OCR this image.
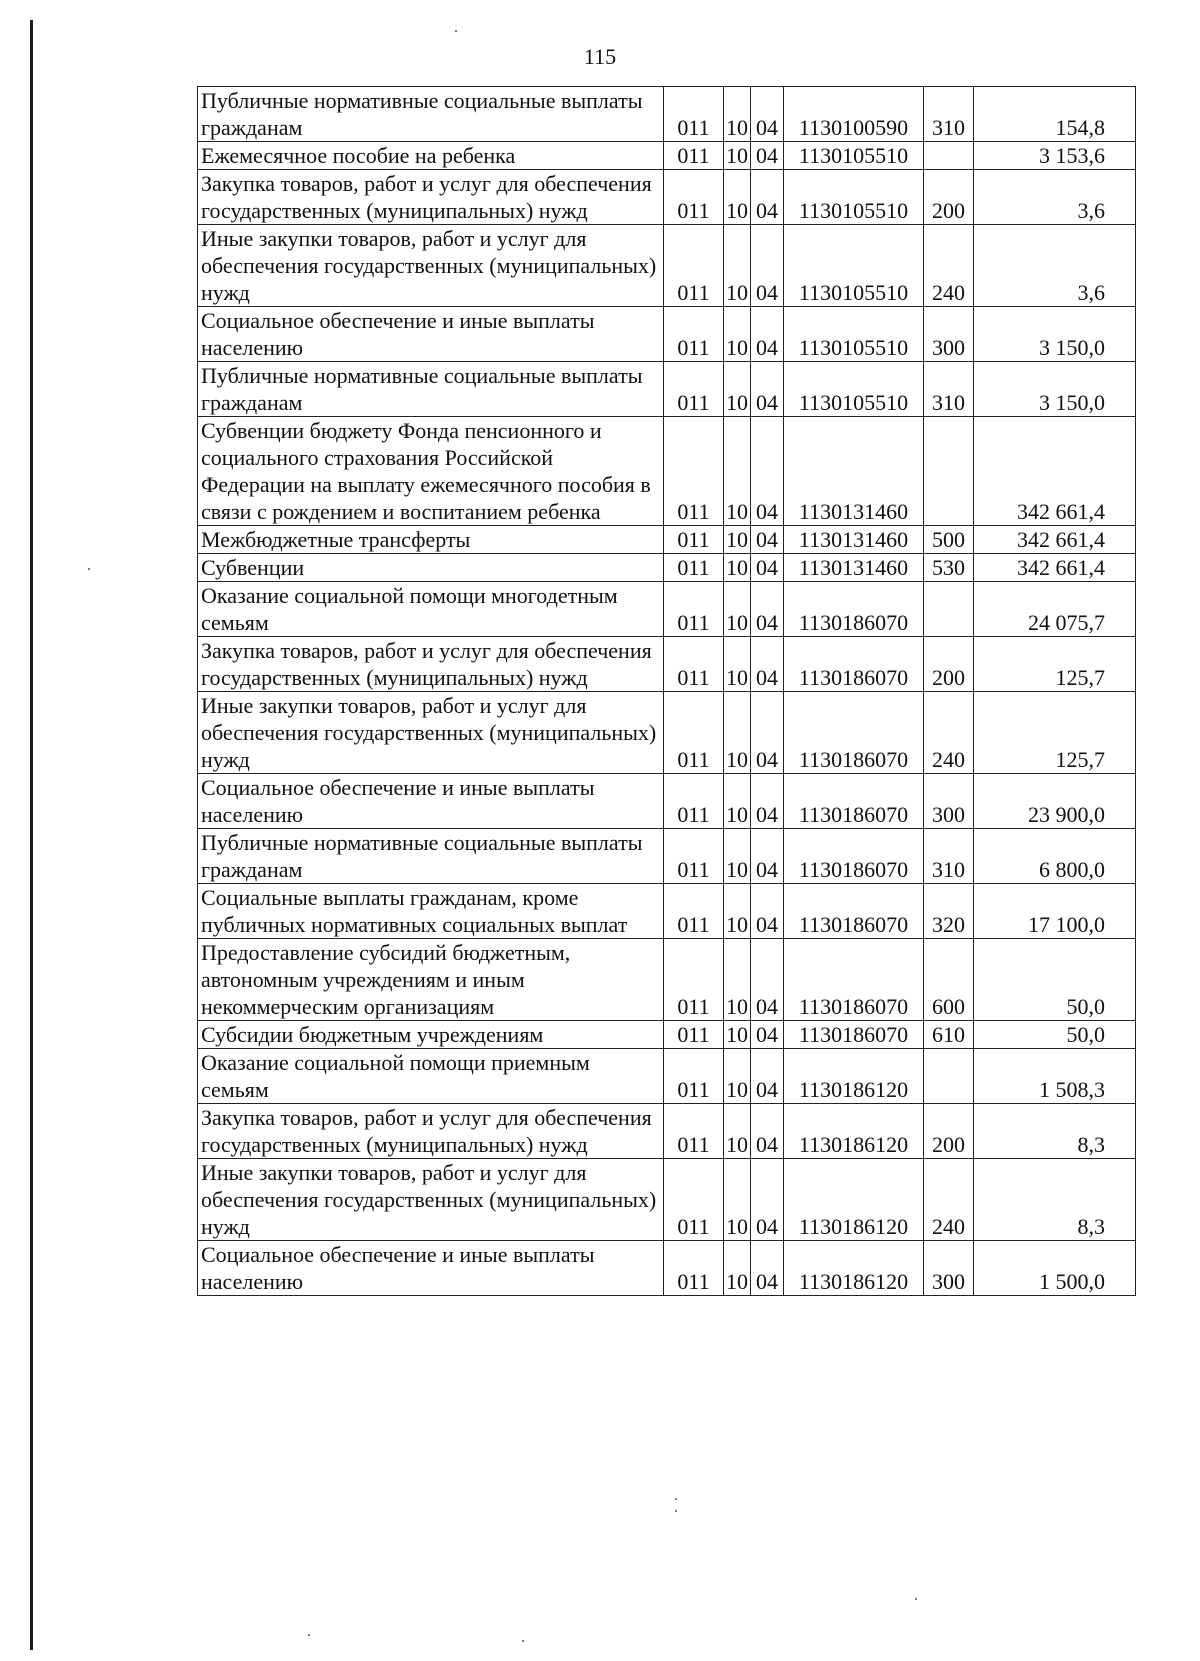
115
Публичные нормативные социальные выплаты гражданам	011	10	04	1130100590	310	154,8
Ежемесячное пособие на ребенка	011	10	04	1130105510		3 153,6
Закупка товаров, работ и услуг для обеспечения государственных (муниципальных) нужд	011	10	04	1130105510	200	3,6
Иные закупки товаров, работ и услуг для обеспечения государственных (муниципальных) нужд	011	10	04	1130105510	240	3,6
Социальное обеспечение и иные выплаты населению	011	10	04	1130105510	300	3 150,0
Публичные нормативные социальные выплаты гражданам	011	10	04	1130105510	310	3 150,0
Субвенции бюджету Фонда пенсионного и социального страхования Российской Федерации на выплату ежемесячного пособия в связи с рождением и воспитанием ребенка	011	10	04	1130131460		342 661,4
Межбюджетные трансферты	011	10	04	1130131460	500	342 661,4
Субвенции	011	10	04	1130131460	530	342 661,4
Оказание социальной помощи многодетным семьям	011	10	04	1130186070		24 075,7
Закупка товаров, работ и услуг для обеспечения государственных (муниципальных) нужд	011	10	04	1130186070	200	125,7
Иные закупки товаров, работ и услуг для обеспечения государственных (муниципальных) нужд	011	10	04	1130186070	240	125,7
Социальное обеспечение и иные выплаты населению	011	10	04	1130186070	300	23 900,0
Публичные нормативные социальные выплаты гражданам	011	10	04	1130186070	310	6 800,0
Социальные выплаты гражданам, кроме публичных нормативных социальных выплат	011	10	04	1130186070	320	17 100,0
Предоставление субсидий бюджетным, автономным учреждениям и иным некоммерческим организациям	011	10	04	1130186070	600	50,0
Субсидии бюджетным учреждениям	011	10	04	1130186070	610	50,0
Оказание социальной помощи приемным семьям	011	10	04	1130186120		1 508,3
Закупка товаров, работ и услуг для обеспечения государственных (муниципальных) нужд	011	10	04	1130186120	200	8,3
Иные закупки товаров, работ и услуг для обеспечения государственных (муниципальных) нужд	011	10	04	1130186120	240	8,3
Социальное обеспечение и иные выплаты населению	011	10	04	1130186120	300	1 500,0
